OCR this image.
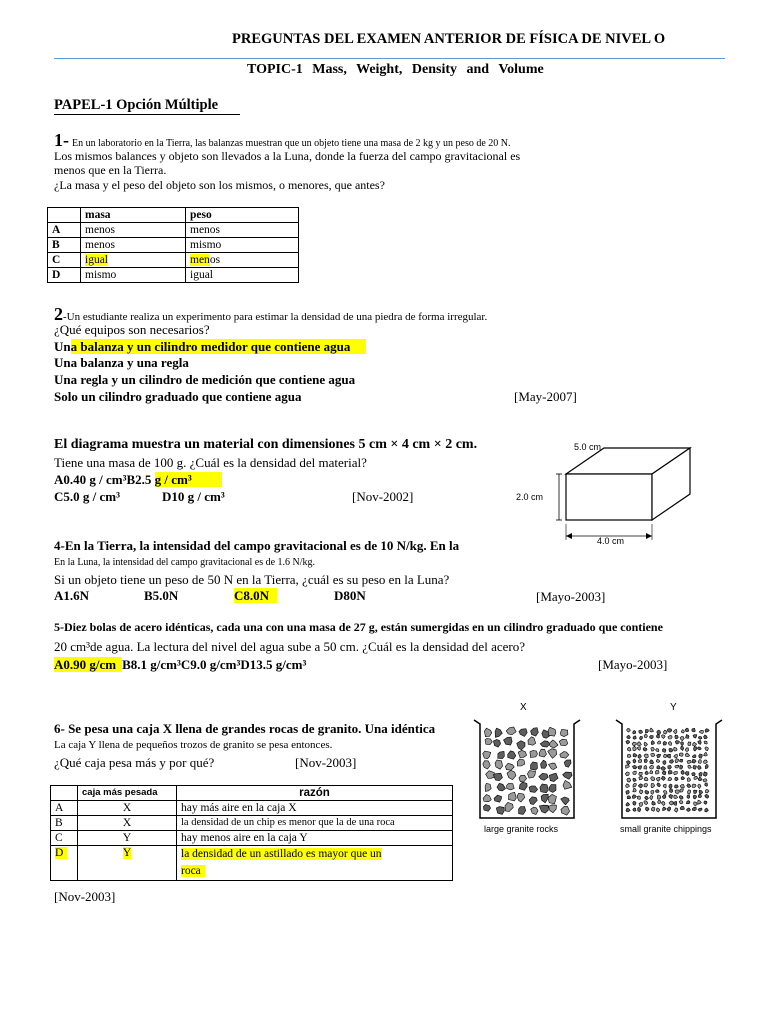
PREGUNTAS DEL EXAMEN ANTERIOR DE FÍSICA DE NIVEL O
TOPIC-1 Mass, Weight, Density and Volume
PAPEL-1 Opción Múltiple
1- En un laboratorio en la Tierra, las balanzas muestran que un objeto tiene una masa de 2 kg y un peso de 20 N.
Los mismos balances y objeto son llevados a la Luna, donde la fuerza del campo gravitacional es
menos que en la Tierra.
¿La masa y el peso del objeto son los mismos, o menores, que antes?
	masa	peso
A	menos	menos
B	menos	mismo
C	igual	menos
D	mismo	igual
2-Un estudiante realiza un experimento para estimar la densidad de una piedra de forma irregular.
¿Qué equipos son necesarios?
Una balanza y un cilindro medidor que contiene agua
Una balanza y una regla
Una regla y un cilindro de medición que contiene agua
Solo un cilindro graduado que contiene agua	[May-2007]
El diagrama muestra un material con dimensiones 5 cm × 4 cm × 2 cm.
Tiene una masa de 100 g. ¿Cuál es la densidad del material?
A0.40 g / cm³B2.5 g / cm³
C5.0 g / cm³	D10 g / cm³	[Nov-2002]
5.0 cm
2.0 cm
4.0 cm
4-En la Tierra, la intensidad del campo gravitacional es de 10 N/kg. En la
En la Luna, la intensidad del campo gravitacional es de 1.6 N/kg.
Si un objeto tiene un peso de 50 N en la Tierra, ¿cuál es su peso en la Luna?
A1.6N	B5.0N	C8.0N	D80N	[Mayo-2003]
5-Diez bolas de acero idénticas, cada una con una masa de 27 g, están sumergidas en un cilindro graduado que contiene
20 cm³de agua. La lectura del nivel del agua sube a 50 cm. ¿Cuál es la densidad del acero?
A0.90 g/cm B8.1 g/cm³C9.0 g/cm³D13.5 g/cm³	[Mayo-2003]
6- Se pesa una caja X llena de grandes rocas de granito. Una idéntica
La caja Y llena de pequeños trozos de granito se pesa entonces.
¿Qué caja pesa más y por qué?	[Nov-2003]
	caja más pesada	razón
A	X	hay más aire en la caja X
B	X	la densidad de un chip es menor que la de una roca
C	Y	hay menos aire en la caja Y
D	Y	la densidad de un astillado es mayor que un
roca
[Nov-2003]
X	Y
large granite rocks	small granite chippings
